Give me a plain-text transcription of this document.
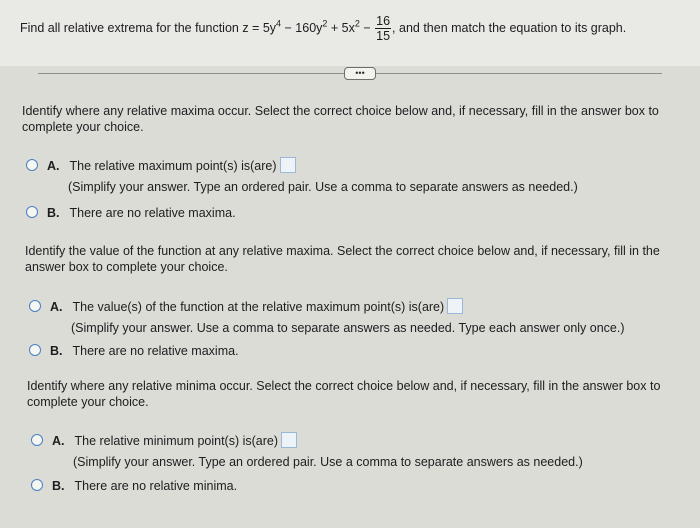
Find all relative extrema for the function $z = 5y^4 - 160y^2 + 5x^2 - \frac{16}{15}$ , and then match the equation to its graph.
•••
Identify where any relative maxima occur. Select the correct choice below and, if necessary, fill in the answer box to complete your choice.
A. The relative maximum point(s) is(are)
(Simplify your answer. Type an ordered pair. Use a comma to separate answers as needed.)
B. There are no relative maxima.
Identify the value of the function at any relative maxima. Select the correct choice below and, if necessary, fill in the answer box to complete your choice.
A. The value(s) of the function at the relative maximum point(s) is(are)
(Simplify your answer. Use a comma to separate answers as needed. Type each answer only once.)
B. There are no relative maxima.
Identify where any relative minima occur. Select the correct choice below and, if necessary, fill in the answer box to complete your choice.
A. The relative minimum point(s) is(are)
(Simplify your answer. Type an ordered pair. Use a comma to separate answers as needed.)
B. There are no relative minima.
